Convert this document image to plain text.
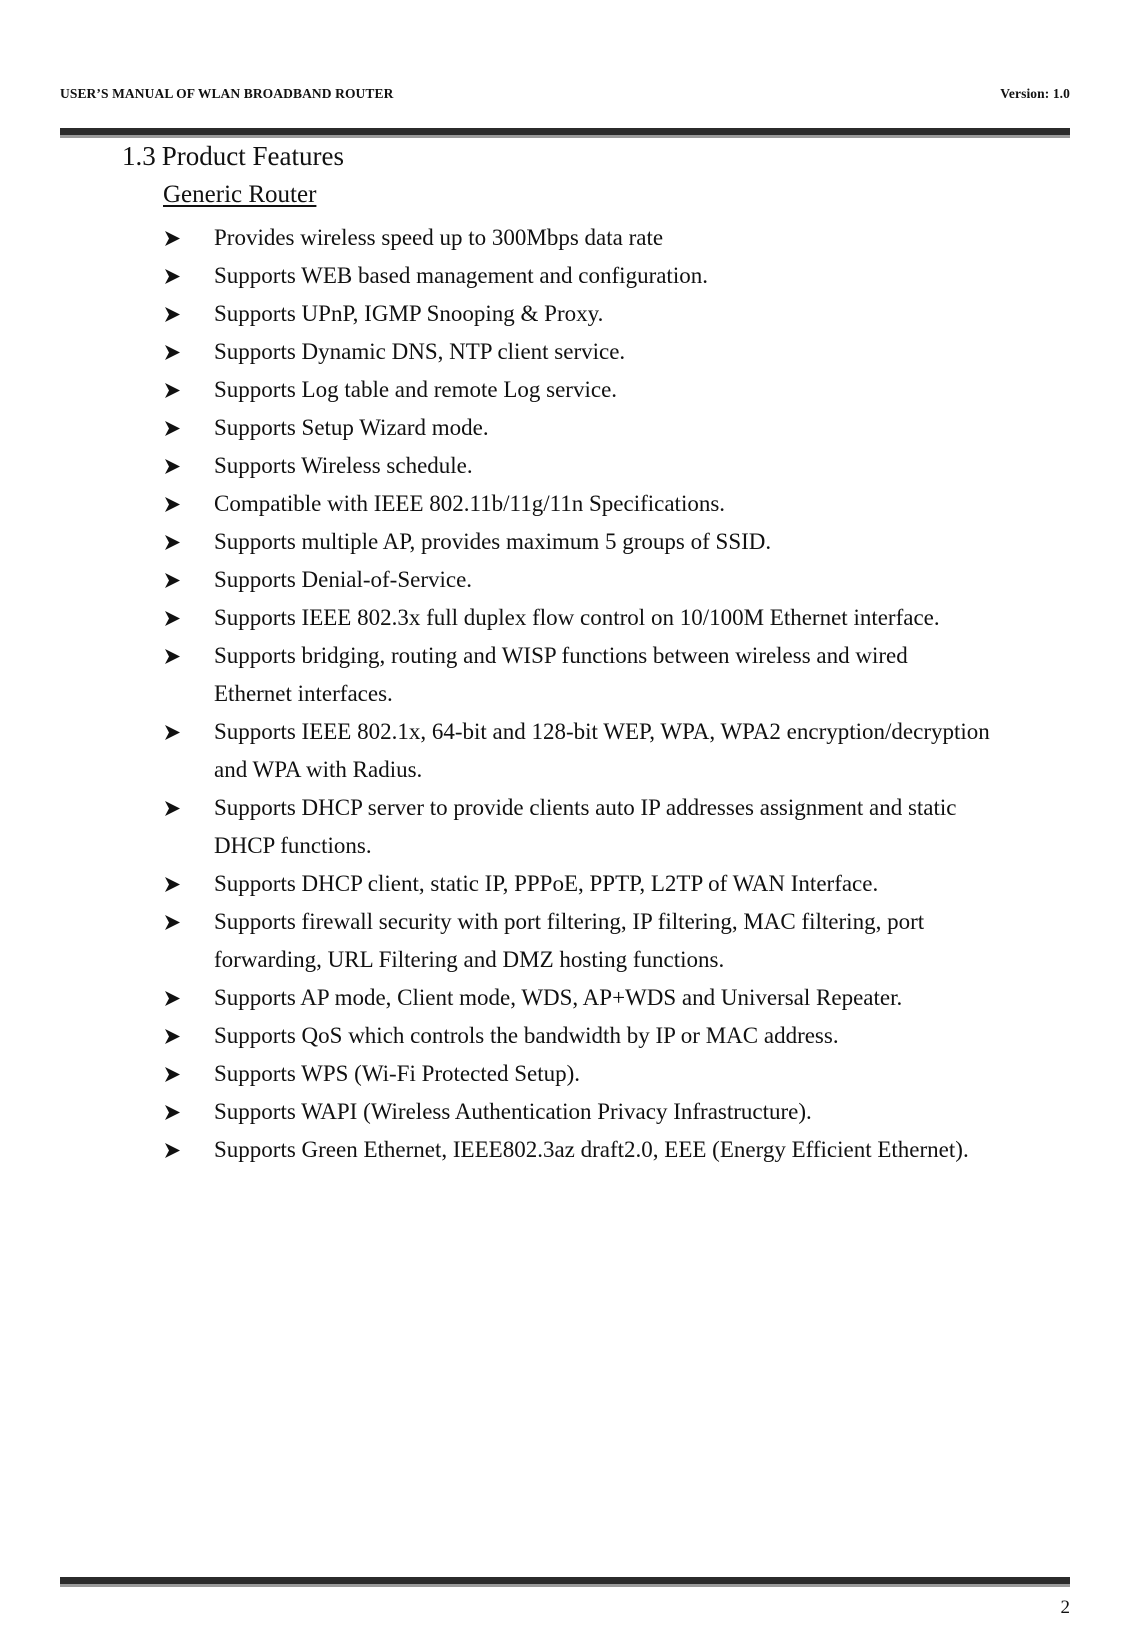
USER’S MANUAL OF WLAN BROADBAND ROUTER	Version: 1.0
1.3 Product Features
Generic Router
Provides wireless speed up to 300Mbps data rate
Supports WEB based management and configuration.
Supports UPnP, IGMP Snooping & Proxy.
Supports Dynamic DNS, NTP client service.
Supports Log table and remote Log service.
Supports Setup Wizard mode.
Supports Wireless schedule.
Compatible with IEEE 802.11b/11g/11n Specifications.
Supports multiple AP, provides maximum 5 groups of SSID.
Supports Denial-of-Service.
Supports IEEE 802.3x full duplex flow control on 10/100M Ethernet interface.
Supports bridging, routing and WISP functions between wireless and wired
Ethernet interfaces.
Supports IEEE 802.1x, 64-bit and 128-bit WEP, WPA, WPA2 encryption/decryption
and WPA with Radius.
Supports DHCP server to provide clients auto IP addresses assignment and static
DHCP functions.
Supports DHCP client, static IP, PPPoE, PPTP, L2TP of WAN Interface.
Supports firewall security with port filtering, IP filtering, MAC filtering, port
forwarding, URL Filtering and DMZ hosting functions.
Supports AP mode, Client mode, WDS, AP+WDS and Universal Repeater.
Supports QoS which controls the bandwidth by IP or MAC address.
Supports WPS (Wi-Fi Protected Setup).
Supports WAPI (Wireless Authentication Privacy Infrastructure).
Supports Green Ethernet, IEEE802.3az draft2.0, EEE (Energy Efficient Ethernet).
2
